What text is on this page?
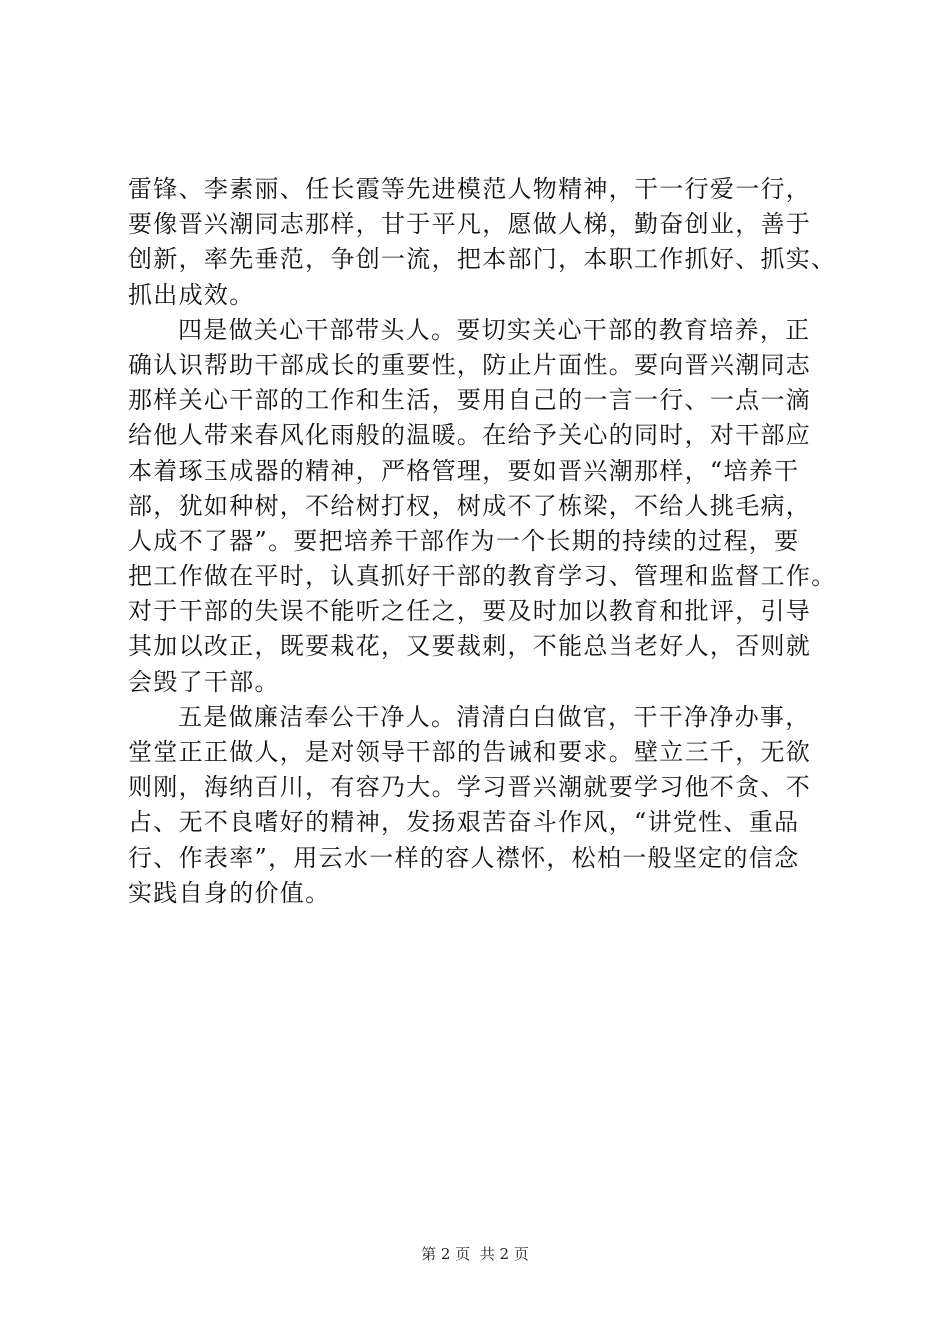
雷锋、李素丽、任长霞等先进模范人物精神，干一行爱一行，
要像晋兴潮同志那样，甘于平凡，愿做人梯，勤奋创业，善于
创新，率先垂范，争创一流，把本部门，本职工作抓好、抓实、
抓出成效。
四是做关心干部带头人。要切实关心干部的教育培养，正
确认识帮助干部成长的重要性，防止片面性。要向晋兴潮同志
那样关心干部的工作和生活，要用自己的一言一行、一点一滴
给他人带来春风化雨般的温暖。在给予关心的同时，对干部应
本着琢玉成器的精神，严格管理，要如晋兴潮那样，“培养干
部，犹如种树，不给树打杈，树成不了栋梁，不给人挑毛病，
人成不了器”。要把培养干部作为一个长期的持续的过程，要
把工作做在平时，认真抓好干部的教育学习、管理和监督工作。
对于干部的失误不能听之任之，要及时加以教育和批评，引导
其加以改正，既要栽花，又要裁刺，不能总当老好人，否则就
会毁了干部。
五是做廉洁奉公干净人。清清白白做官，干干净净办事，
堂堂正正做人，是对领导干部的告诫和要求。壁立三千，无欲
则刚，海纳百川，有容乃大。学习晋兴潮就要学习他不贪、不
占、无不良嗜好的精神，发扬艰苦奋斗作风，“讲党性、重品
行、作表率”，用云水一样的容人襟怀，松柏一般坚定的信念
实践自身的价值。
第 2 页  共 2 页
